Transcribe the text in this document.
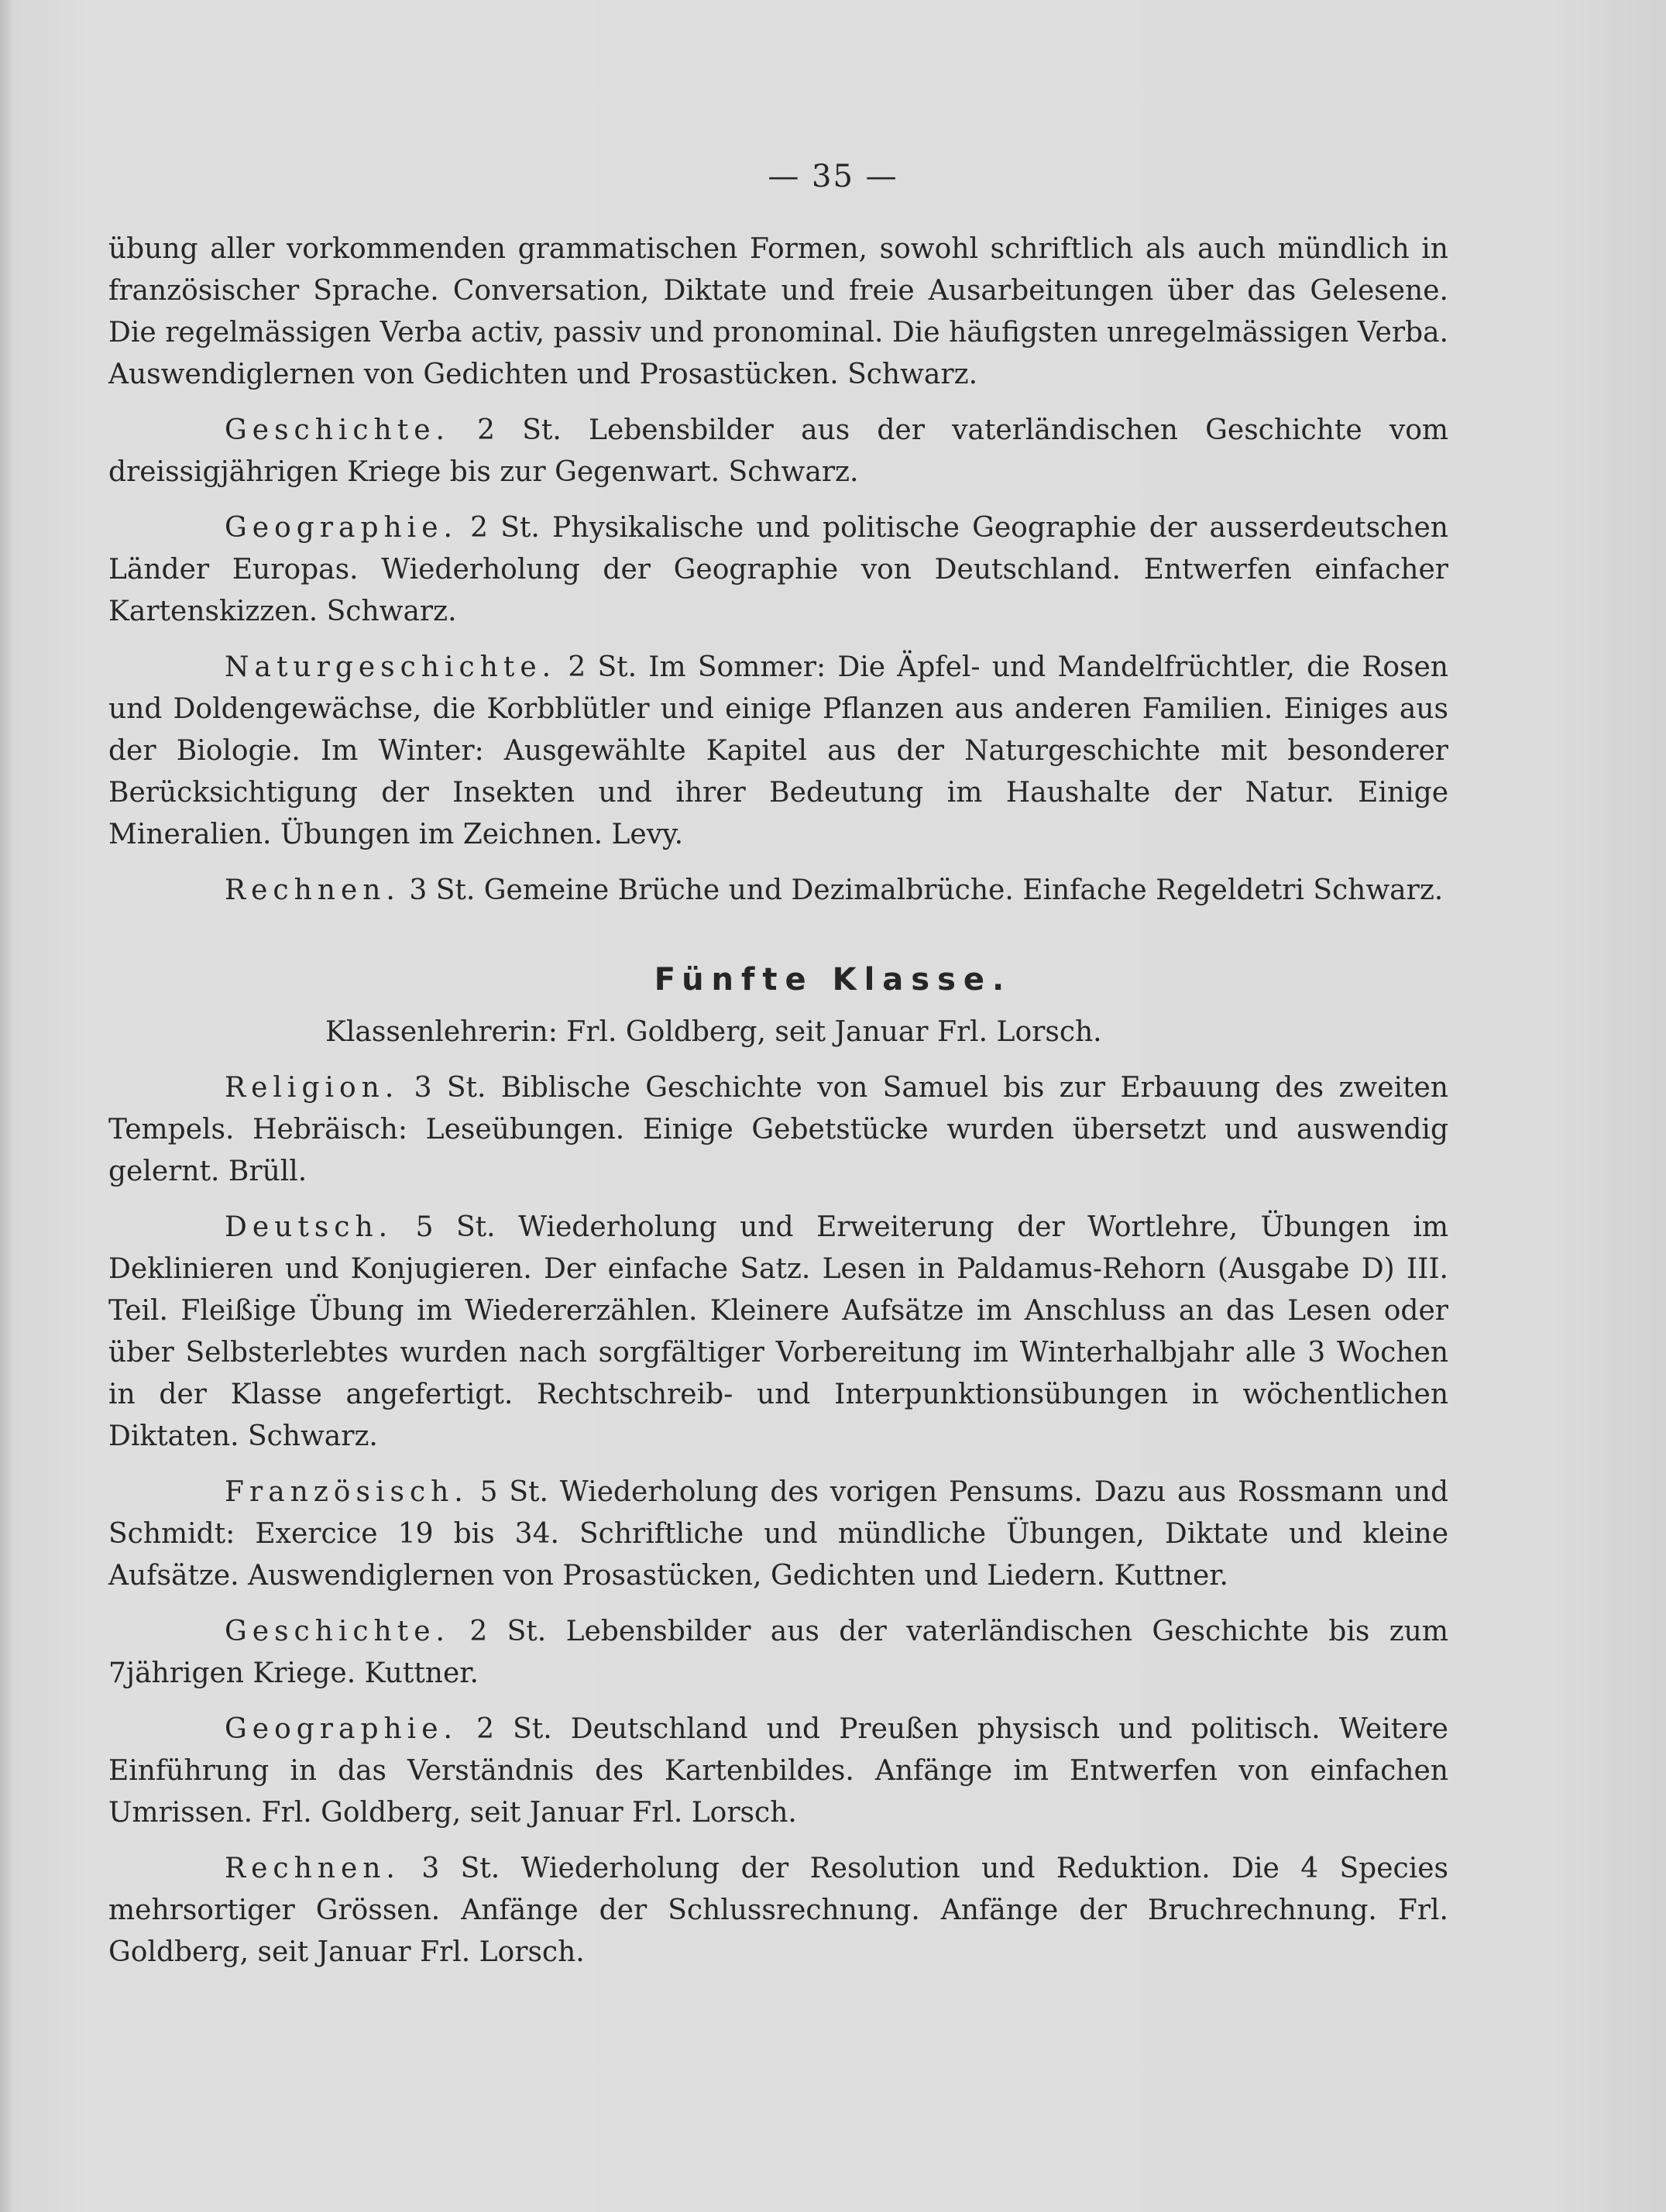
— 35 —

übung aller vorkommenden grammatischen Formen, sowohl schriftlich als auch mündlich in französischer Sprache. Conversation, Diktate und freie Ausarbeitungen über das Gelesene. Die regelmässigen Verba activ, passiv und pronominal. Die häufigsten unregelmässigen Verba. Auswendiglernen von Gedichten und Prosastücken. Schwarz.

Geschichte. 2 St. Lebensbilder aus der vaterländischen Geschichte vom dreissigjährigen Kriege bis zur Gegenwart. Schwarz.

Geographie. 2 St. Physikalische und politische Geographie der ausserdeutschen Länder Europas. Wiederholung der Geographie von Deutschland. Entwerfen einfacher Kartenskizzen. Schwarz.

Naturgeschichte. 2 St. Im Sommer: Die Äpfel- und Mandelfrüchtler, die Rosen und Doldengewächse, die Korbblütler und einige Pflanzen aus anderen Familien. Einiges aus der Biologie. Im Winter: Ausgewählte Kapitel aus der Naturgeschichte mit besonderer Berücksichtigung der Insekten und ihrer Bedeutung im Haushalte der Natur. Einige Mineralien. Übungen im Zeichnen. Levy.

Rechnen. 3 St. Gemeine Brüche und Dezimalbrüche. Einfache Regeldetri Schwarz.

Fünfte Klasse.
Klassenlehrerin: Frl. Goldberg, seit Januar Frl. Lorsch.

Religion. 3 St. Biblische Geschichte von Samuel bis zur Erbauung des zweiten Tempels. Hebräisch: Leseübungen. Einige Gebetstücke wurden übersetzt und auswendig gelernt. Brüll.

Deutsch. 5 St. Wiederholung und Erweiterung der Wortlehre, Übungen im Deklinieren und Konjugieren. Der einfache Satz. Lesen in Paldamus-Rehorn (Ausgabe D) III. Teil. Fleißige Übung im Wiedererzählen. Kleinere Aufsätze im Anschluss an das Lesen oder über Selbsterlebtes wurden nach sorgfältiger Vorbereitung im Winterhalbjahr alle 3 Wochen in der Klasse angefertigt. Rechtschreib- und Interpunktionsübungen in wöchentlichen Diktaten. Schwarz.

Französisch. 5 St. Wiederholung des vorigen Pensums. Dazu aus Rossmann und Schmidt: Exercice 19 bis 34. Schriftliche und mündliche Übungen, Diktate und kleine Aufsätze. Auswendiglernen von Prosastücken, Gedichten und Liedern. Kuttner.

Geschichte. 2 St. Lebensbilder aus der vaterländischen Geschichte bis zum 7jährigen Kriege. Kuttner.

Geographie. 2 St. Deutschland und Preußen physisch und politisch. Weitere Einführung in das Verständnis des Kartenbildes. Anfänge im Entwerfen von einfachen Umrissen. Frl. Goldberg, seit Januar Frl. Lorsch.

Rechnen. 3 St. Wiederholung der Resolution und Reduktion. Die 4 Species mehrsortiger Grössen. Anfänge der Schlussrechnung. Anfänge der Bruchrechnung. Frl. Goldberg, seit Januar Frl. Lorsch.
